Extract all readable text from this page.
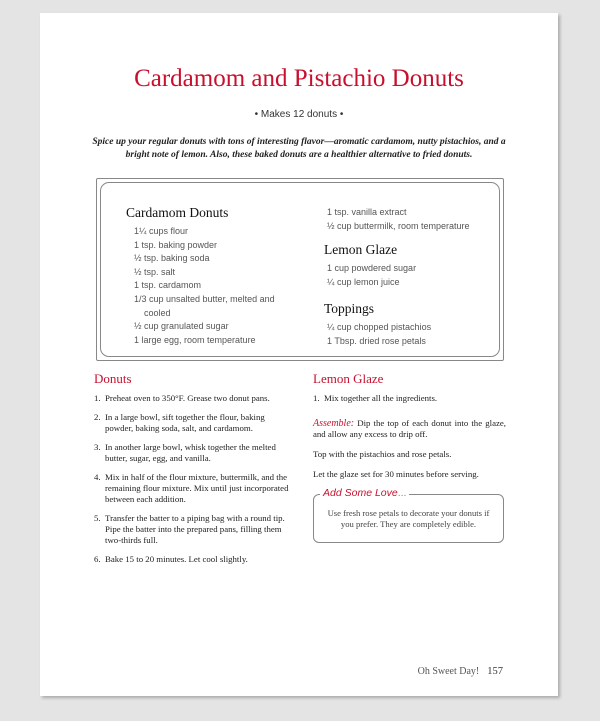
Cardamom and Pistachio Donuts
• Makes 12 donuts •
Spice up your regular donuts with tons of interesting flavor—aromatic cardamom, nutty pistachios, and a bright note of lemon. Also, these baked donuts are a healthier alternative to fried donuts.
Cardamom Donuts
1¼ cups flour
1 tsp. baking powder
½ tsp. baking soda
½ tsp. salt
1 tsp. cardamom
1/3 cup unsalted butter, melted and
cooled
½ cup granulated sugar
1 large egg, room temperature
1 tsp. vanilla extract
½ cup buttermilk, room temperature
Lemon Glaze
1 cup powdered sugar
¼ cup lemon juice
Toppings
¼ cup chopped pistachios
1 Tbsp. dried rose petals
Donuts
1. Preheat oven to 350°F. Grease two donut pans.
2. In a large bowl, sift together the flour, baking powder, baking soda, salt, and cardamom.
3. In another large bowl, whisk together the melted butter, sugar, egg, and vanilla.
4. Mix in half of the flour mixture, buttermilk, and the remaining flour mixture. Mix until just incorporated between each addition.
5. Transfer the batter to a piping bag with a round tip. Pipe the batter into the prepared pans, filling them two-thirds full.
6. Bake 15 to 20 minutes. Let cool slightly.
Lemon Glaze
1. Mix together all the ingredients.
Assemble: Dip the top of each donut into the glaze, and allow any excess to drip off.
Top with the pistachios and rose petals.
Let the glaze set for 30 minutes before serving.
Add Some Love...
Use fresh rose petals to decorate your donuts if you prefer. They are completely edible.
Oh Sweet Day! 157
